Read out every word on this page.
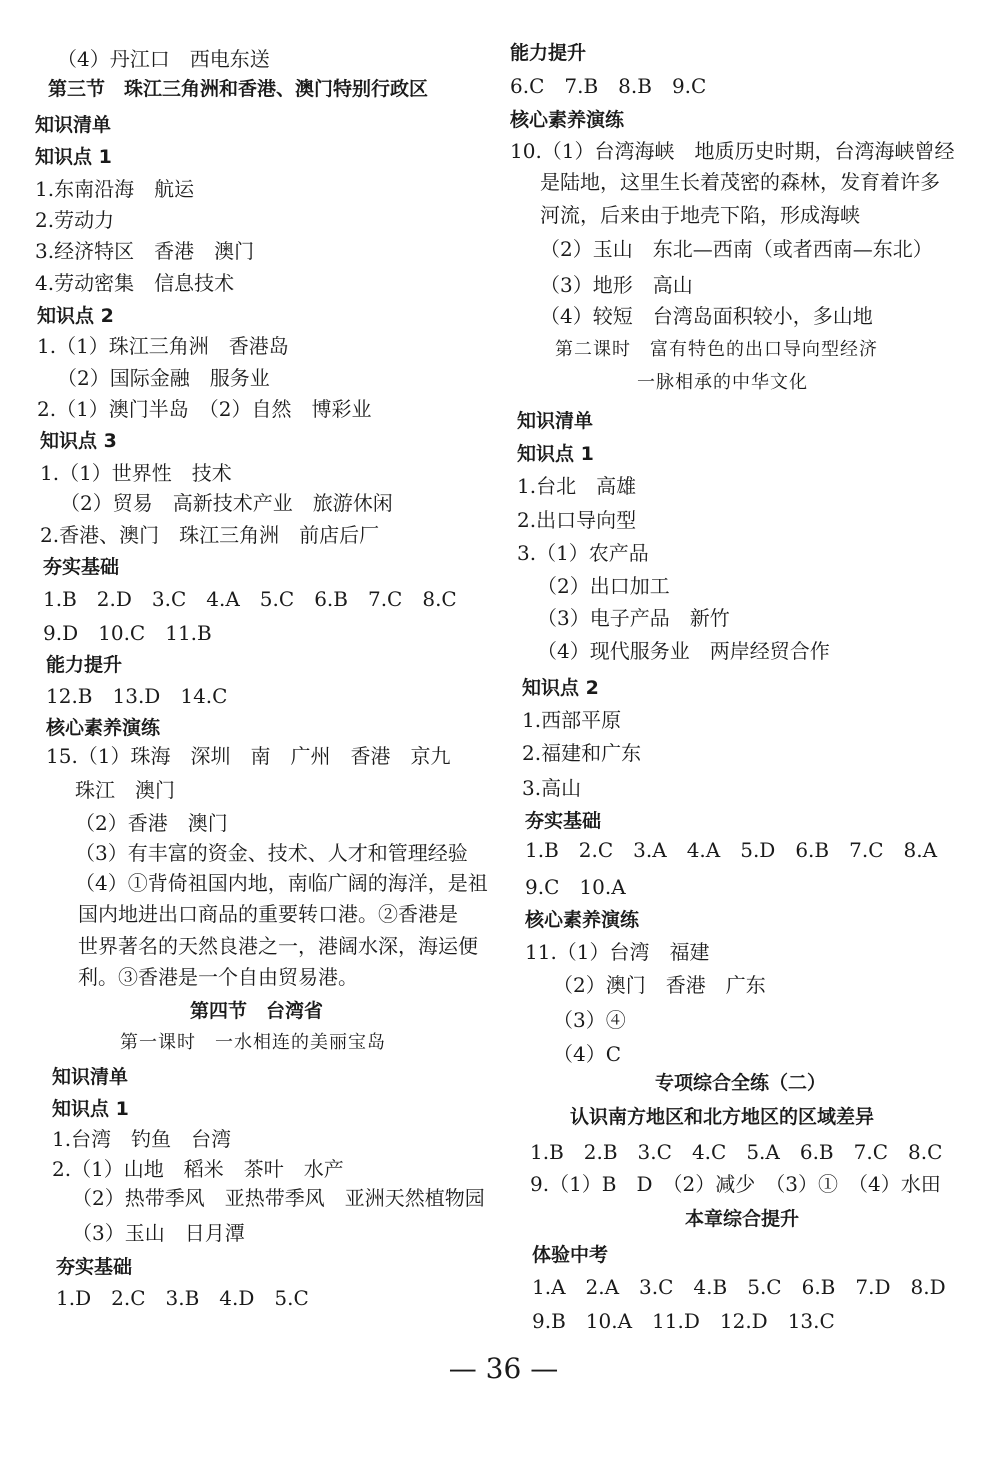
（4）丹江口　西电东送
第三节　珠江三角洲和香港、澳门特别行政区
知识清单
知识点 1
1.东南沿海　航运
2.劳动力
3.经济特区　香港　澳门
4.劳动密集　信息技术
知识点 2
1.（1）珠江三角洲　香港岛
（2）国际金融　服务业
2.（1）澳门半岛　（2）自然　博彩业
知识点 3
1.（1）世界性　技术
（2）贸易　高新技术产业　旅游休闲
2.香港、澳门　珠江三角洲　前店后厂
夯实基础
1.B　2.D　3.C　4.A　5.C　6.B　7.C　8.C
9.D　10.C　11.B
能力提升
12.B　13.D　14.C
核心素养演练
15.（1）珠海　深圳　南　广州　香港　京九
珠江　澳门
（2）香港　澳门
（3）有丰富的资金、技术、人才和管理经验
（4）①背倚祖国内地，南临广阔的海洋，是祖
国内地进出口商品的重要转口港。②香港是
世界著名的天然良港之一，港阔水深，海运便
利。③香港是一个自由贸易港。
第四节　台湾省
第一课时　一水相连的美丽宝岛
知识清单
知识点 1
1.台湾　钓鱼　台湾
2.（1）山地　稻米　茶叶　水产
（2）热带季风　亚热带季风　亚洲天然植物园
（3）玉山　日月潭
夯实基础
1.D　2.C　3.B　4.D　5.C
能力提升
6.C　7.B　8.B　9.C
核心素养演练
10.（1）台湾海峡　地质历史时期，台湾海峡曾经
是陆地，这里生长着茂密的森林，发育着许多
河流，后来由于地壳下陷，形成海峡
（2）玉山　东北—西南（或者西南—东北）
（3）地形　高山
（4）较短　台湾岛面积较小，多山地
第二课时　富有特色的出口导向型经济
一脉相承的中华文化
知识清单
知识点 1
1.台北　高雄
2.出口导向型
3.（1）农产品
（2）出口加工
（3）电子产品　新竹
（4）现代服务业　两岸经贸合作
知识点 2
1.西部平原
2.福建和广东
3.高山
夯实基础
1.B　2.C　3.A　4.A　5.D　6.B　7.C　8.A
9.C　10.A
核心素养演练
11.（1）台湾　福建
（2）澳门　香港　广东
（3）④
（4）C
专项综合全练（二）
认识南方地区和北方地区的区域差异
1.B　2.B　3.C　4.C　5.A　6.B　7.C　8.C
9.（1）B　D　（2）减少　（3）①　（4）水田
本章综合提升
体验中考
1.A　2.A　3.C　4.B　5.C　6.B　7.D　8.D
9.B　10.A　11.D　12.D　13.C
— 36 —
